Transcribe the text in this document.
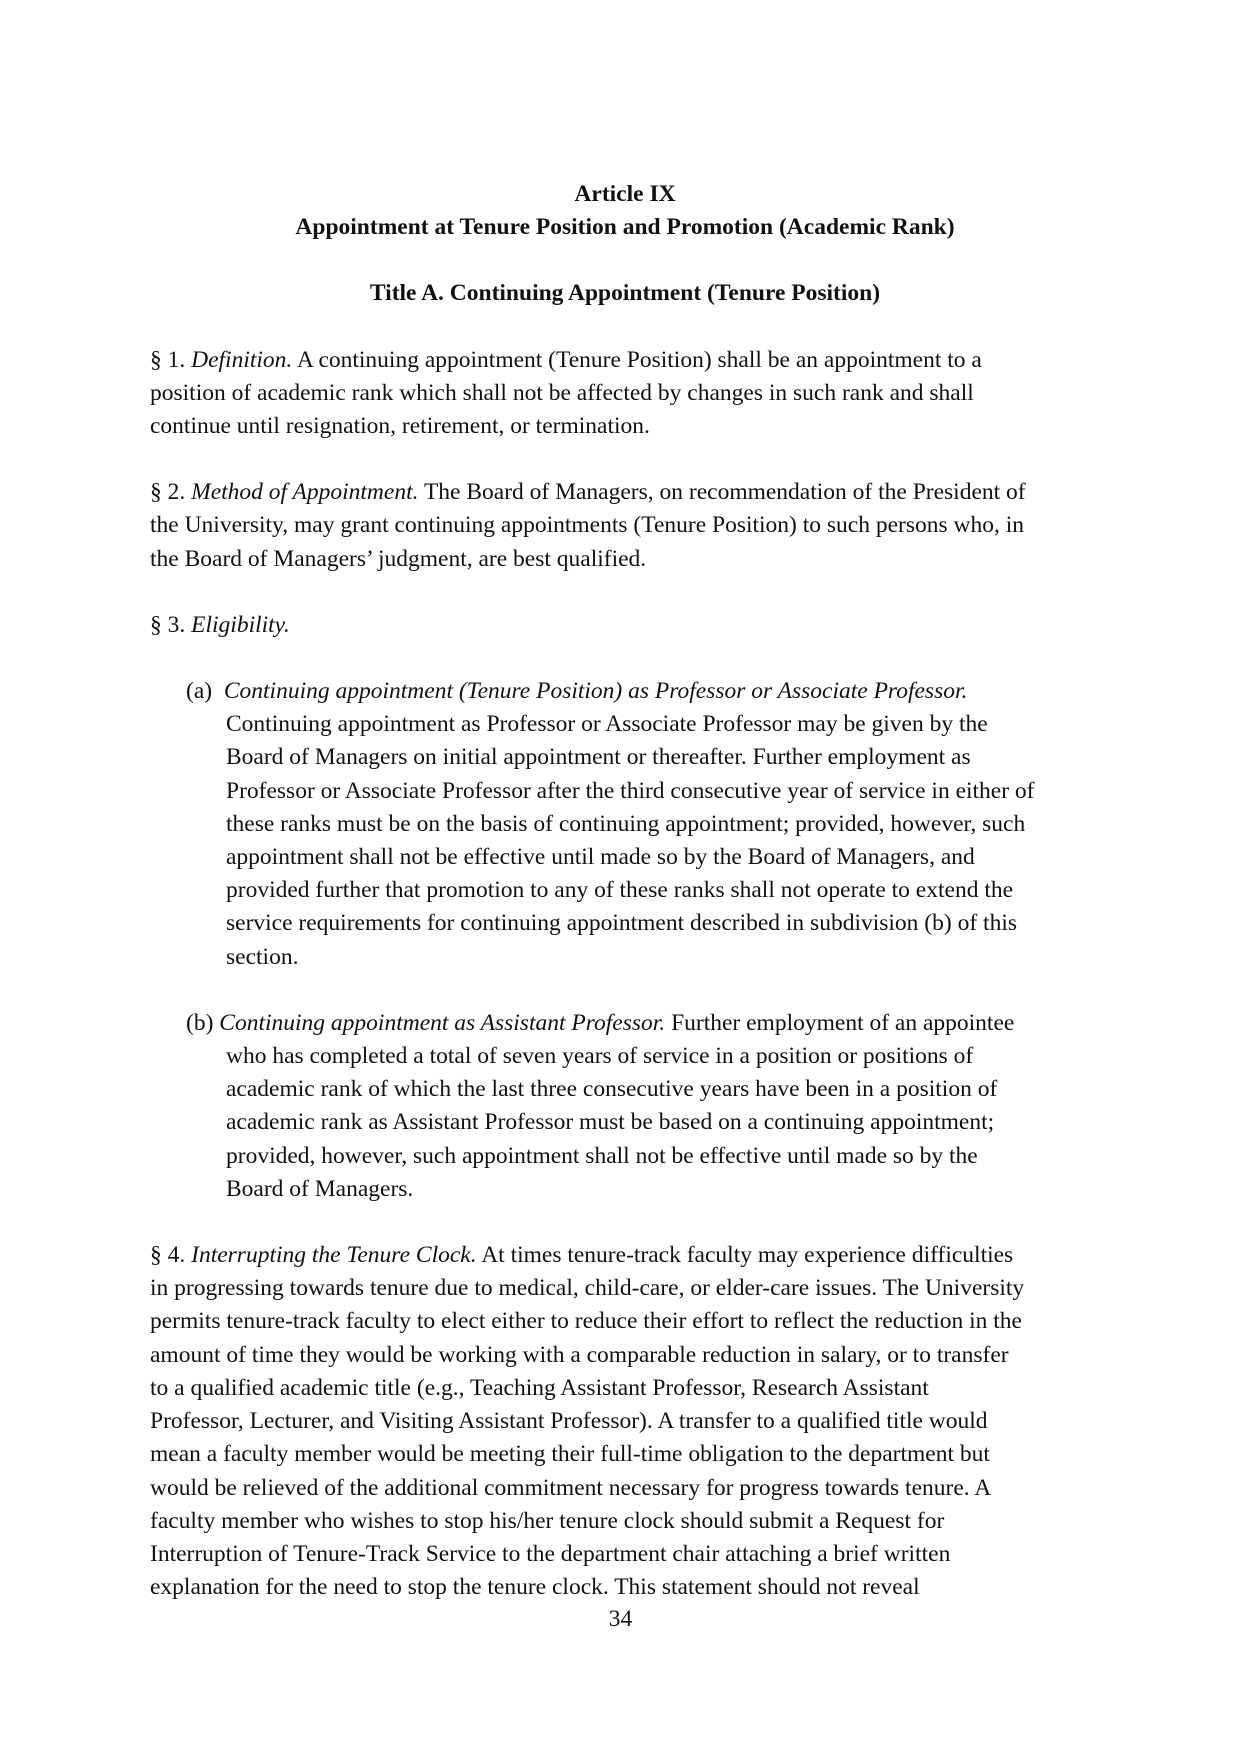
Article IX
Appointment at Tenure Position and Promotion (Academic Rank)
Title A. Continuing Appointment (Tenure Position)
§ 1. Definition. A continuing appointment (Tenure Position) shall be an appointment to a
position of academic rank which shall not be affected by changes in such rank and shall
continue until resignation, retirement, or termination.
§ 2. Method of Appointment. The Board of Managers, on recommendation of the President of
the University, may grant continuing appointments (Tenure Position) to such persons who, in
the Board of Managers’ judgment, are best qualified.
§ 3. Eligibility.
(a) Continuing appointment (Tenure Position) as Professor or Associate Professor.
Continuing appointment as Professor or Associate Professor may be given by the
Board of Managers on initial appointment or thereafter. Further employment as
Professor or Associate Professor after the third consecutive year of service in either of
these ranks must be on the basis of continuing appointment; provided, however, such
appointment shall not be effective until made so by the Board of Managers, and
provided further that promotion to any of these ranks shall not operate to extend the
service requirements for continuing appointment described in subdivision (b) of this
section.
(b) Continuing appointment as Assistant Professor. Further employment of an appointee
who has completed a total of seven years of service in a position or positions of
academic rank of which the last three consecutive years have been in a position of
academic rank as Assistant Professor must be based on a continuing appointment;
provided, however, such appointment shall not be effective until made so by the
Board of Managers.
§ 4. Interrupting the Tenure Clock. At times tenure-track faculty may experience difficulties
in progressing towards tenure due to medical, child-care, or elder-care issues. The University
permits tenure-track faculty to elect either to reduce their effort to reflect the reduction in the
amount of time they would be working with a comparable reduction in salary, or to transfer
to a qualified academic title (e.g., Teaching Assistant Professor, Research Assistant
Professor, Lecturer, and Visiting Assistant Professor). A transfer to a qualified title would
mean a faculty member would be meeting their full-time obligation to the department but
would be relieved of the additional commitment necessary for progress towards tenure. A
faculty member who wishes to stop his/her tenure clock should submit a Request for
Interruption of Tenure-Track Service to the department chair attaching a brief written
explanation for the need to stop the tenure clock. This statement should not reveal
34
